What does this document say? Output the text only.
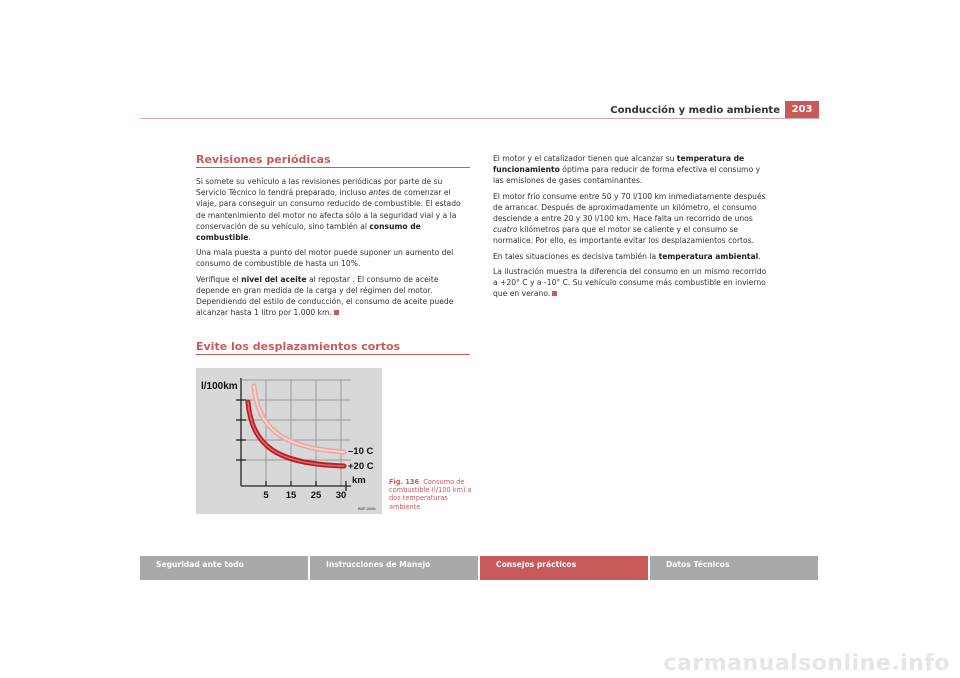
Conducción y medio ambiente	203
Revisiones periódicas

Si somete su vehículo a las revisiones periódicas por parte de su Servicio Técnico lo tendrá preparado, incluso antes de comenzar el viaje, para conseguir un consumo reducido de combustible. El estado de mantenimiento del motor no afecta sólo a la seguridad vial y a la conservación de su vehículo, sino también al consumo de combustible.

Una mala puesta a punto del motor puede suponer un aumento del consumo de combustible de hasta un 10%.

Verifique el nivel del aceite al repostar . El consumo de aceite depende en gran medida de la carga y del régimen del motor. Dependiendo del estilo de conducción, el consumo de aceite puede alcanzar hasta 1 litro por 1.000 km.

Evite los desplazamientos cortos
l/100km
–10 C
+20 C
km
5 15 25 30
B5F-0096
Fig. 136 Consumo de combustible (l/100 km) a dos temperaturas ambiente

El motor y el catalizador tienen que alcanzar su temperatura de funcionamiento óptima para reducir de forma efectiva el consumo y las emisiones de gases contaminantes.

El motor frío consume entre 50 y 70 l/100 km inmediatamente después de arrancar. Después de aproximadamente un kilómetro, el consumo desciende a entre 20 y 30 l/100 km. Hace falta un recorrido de unos cuatro kilómetros para que el motor se caliente y el consumo se normalice. Por ello, es importante evitar los desplazamientos cortos.

En tales situaciones es decisiva también la temperatura ambiental.

La ilustración muestra la diferencia del consumo en un mismo recorrido a +20° C y a -10° C. Su vehículo consume más combustible en invierno que en verano.

Seguridad ante todo	Instrucciones de Manejo	Consejos prácticos	Datos Técnicos
carmanualsonline.info
